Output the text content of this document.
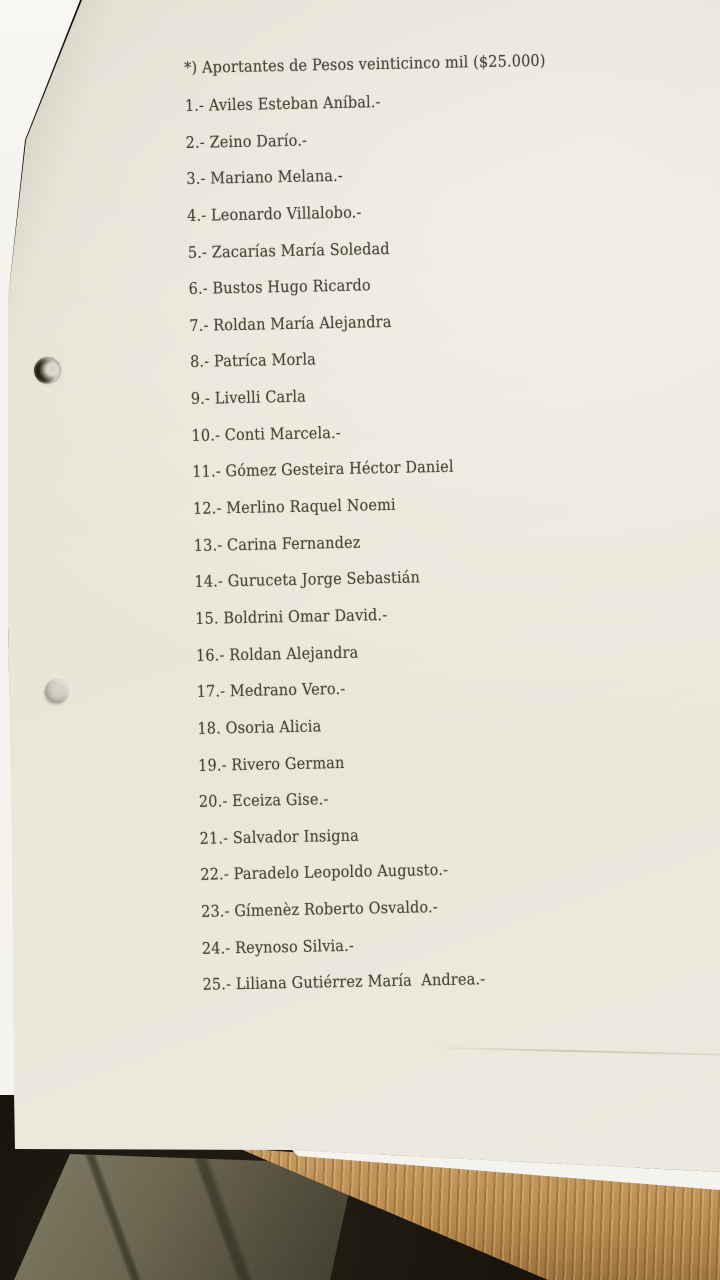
*) Aportantes de Pesos veinticinco mil ($25.000)
1.- Aviles Esteban Aníbal.-
2.- Zeino Darío.-
3.- Mariano Melana.-
4.- Leonardo Villalobo.-
5.- Zacarías María Soledad
6.- Bustos Hugo Ricardo
7.- Roldan María Alejandra
8.- Patríca Morla
9.- Livelli Carla
10.- Conti Marcela.-
11.- Gómez Gesteira Héctor Daniel
12.- Merlino Raquel Noemi
13.- Carina Fernandez
14.- Guruceta Jorge Sebastián
15. Boldrini Omar David.-
16.- Roldan Alejandra
17.- Medrano Vero.-
18. Osoria Alicia
19.- Rivero German
20.- Eceiza Gise.-
21.- Salvador Insigna
22.- Paradelo Leopoldo Augusto.-
23.- Gímenèz Roberto Osvaldo.-
24.- Reynoso Silvia.-
25.- Liliana Gutiérrez María  Andrea.-
